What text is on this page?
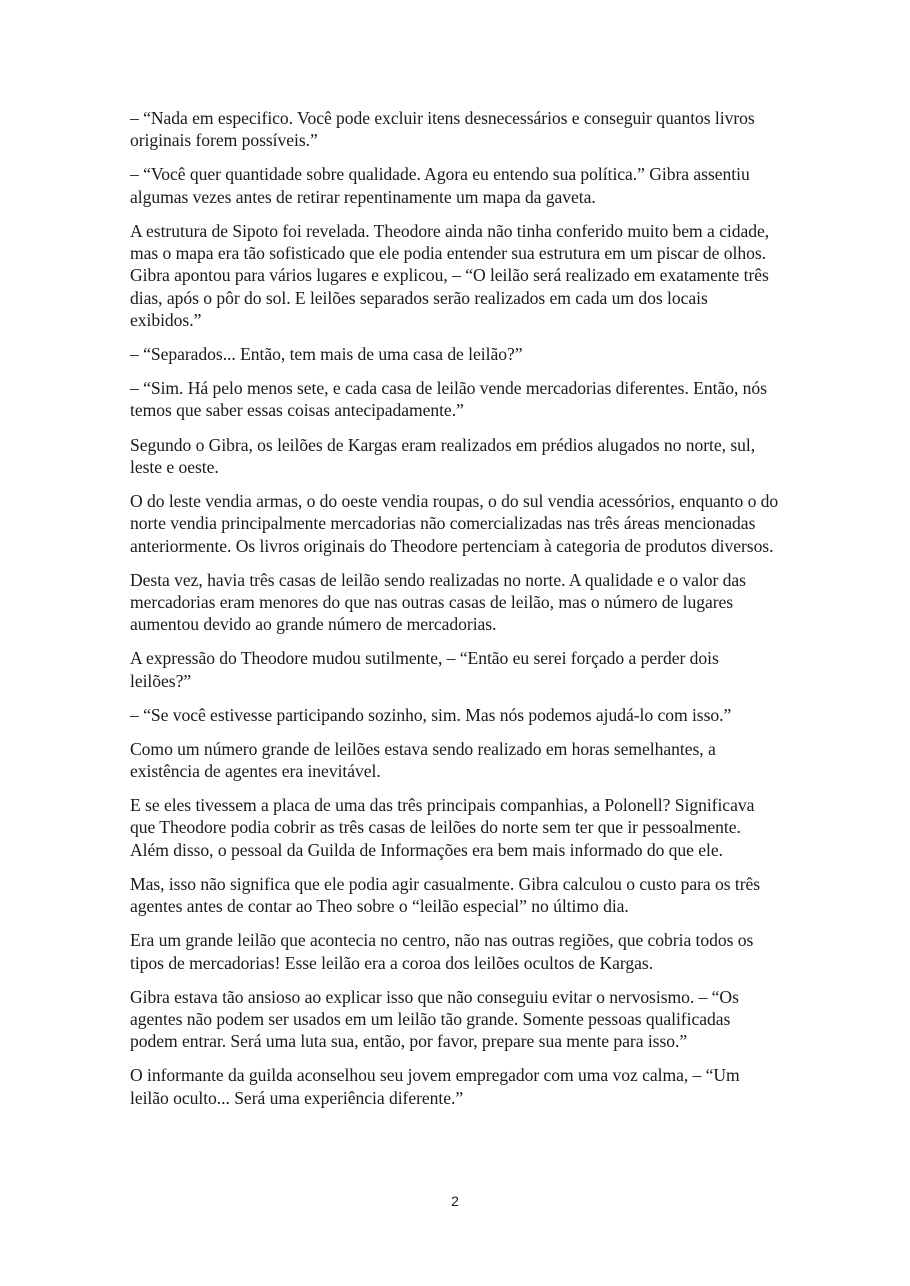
– “Nada em especifico. Você pode excluir itens desnecessários e conseguir quantos livros originais forem possíveis.”

– “Você quer quantidade sobre qualidade. Agora eu entendo sua política.” Gibra assentiu algumas vezes antes de retirar repentinamente um mapa da gaveta.

A estrutura de Sipoto foi revelada. Theodore ainda não tinha conferido muito bem a cidade, mas o mapa era tão sofisticado que ele podia entender sua estrutura em um piscar de olhos. Gibra apontou para vários lugares e explicou, – “O leilão será realizado em exatamente três dias, após o pôr do sol. E leilões separados serão realizados em cada um dos locais exibidos.”

– “Separados... Então, tem mais de uma casa de leilão?”

– “Sim. Há pelo menos sete, e cada casa de leilão vende mercadorias diferentes. Então, nós temos que saber essas coisas antecipadamente.”

Segundo o Gibra, os leilões de Kargas eram realizados em prédios alugados no norte, sul, leste e oeste.

O do leste vendia armas, o do oeste vendia roupas, o do sul vendia acessórios, enquanto o do norte vendia principalmente mercadorias não comercializadas nas três áreas mencionadas anteriormente. Os livros originais do Theodore pertenciam à categoria de produtos diversos.

Desta vez, havia três casas de leilão sendo realizadas no norte. A qualidade e o valor das mercadorias eram menores do que nas outras casas de leilão, mas o número de lugares aumentou devido ao grande número de mercadorias.

A expressão do Theodore mudou sutilmente, – “Então eu serei forçado a perder dois leilões?”

– “Se você estivesse participando sozinho, sim. Mas nós podemos ajudá-lo com isso.”

Como um número grande de leilões estava sendo realizado em horas semelhantes, a existência de agentes era inevitável.

E se eles tivessem a placa de uma das três principais companhias, a Polonell? Significava que Theodore podia cobrir as três casas de leilões do norte sem ter que ir pessoalmente. Além disso, o pessoal da Guilda de Informações era bem mais informado do que ele.

Mas, isso não significa que ele podia agir casualmente. Gibra calculou o custo para os três agentes antes de contar ao Theo sobre o “leilão especial” no último dia.

Era um grande leilão que acontecia no centro, não nas outras regiões, que cobria todos os tipos de mercadorias! Esse leilão era a coroa dos leilões ocultos de Kargas.

Gibra estava tão ansioso ao explicar isso que não conseguiu evitar o nervosismo. – “Os agentes não podem ser usados em um leilão tão grande. Somente pessoas qualificadas podem entrar. Será uma luta sua, então, por favor, prepare sua mente para isso.”

O informante da guilda aconselhou seu jovem empregador com uma voz calma, – “Um leilão oculto... Será uma experiência diferente.”

2
